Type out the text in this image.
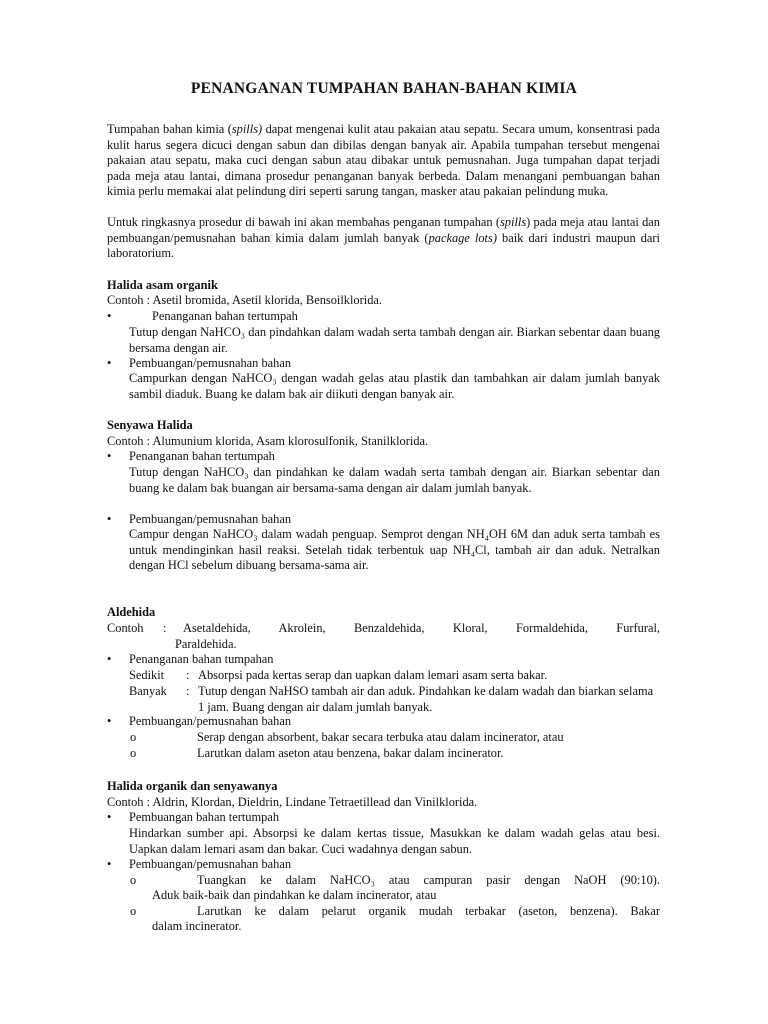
PENANGANAN TUMPAHAN BAHAN-BAHAN KIMIA

Tumpahan bahan kimia (spills) dapat mengenai kulit atau pakaian atau sepatu. Secara umum, konsentrasi pada kulit harus segera dicuci dengan sabun dan dibilas dengan banyak air. Apabila tumpahan tersebut mengenai pakaian atau sepatu, maka cuci dengan sabun atau dibakar untuk pemusnahan. Juga tumpahan dapat terjadi pada meja atau lantai, dimana prosedur penanganan banyak berbeda. Dalam menangani pembuangan bahan kimia perlu memakai alat pelindung diri seperti sarung tangan, masker atau pakaian pelindung muka.

Untuk ringkasnya prosedur di bawah ini akan membahas penganan tumpahan (spills) pada meja atau lantai dan pembuangan/pemusnahan bahan kimia dalam jumlah banyak (package lots) baik dari industri maupun dari laboratorium.

Halida asam organik

Contoh : Asetil bromida, Asetil klorida, Bensoilklorida.

•	Penanganan bahan tertumpah

Tutup dengan NaHCO₃ dan pindahkan dalam wadah serta tambah dengan air. Biarkan sebentar daan buang bersama dengan air.

• Pembuangan/pemusnahan bahan

Campurkan dengan NaHCO₃ dengan wadah gelas atau plastik dan tambahkan air dalam jumlah banyak sambil diaduk. Buang ke dalam bak air diikuti dengan banyak air.

Senyawa Halida

Contoh : Alumunium klorida, Asam klorosulfonik, Stanilklorida.

• Penanganan bahan tertumpah

Tutup dengan NaHCO₃ dan pindahkan ke dalam wadah serta tambah dengan air. Biarkan sebentar dan buang ke dalam bak buangan air bersama-sama dengan air dalam jumlah banyak.

• Pembuangan/pemusnahan bahan

Campur dengan NaHCO₃ dalam wadah penguap. Semprot dengan NH₄OH 6M dan aduk serta tambah es untuk mendinginkan hasil reaksi. Setelah tidak terbentuk uap NH₄Cl, tambah air dan aduk. Netralkan dengan HCl sebelum dibuang bersama-sama air.

Aldehida

Contoh	:	Asetaldehida, Akrolein, Benzaldehida, Kloral, Formaldehida, Furfural,

Paraldehida.

• Penanganan bahan tumpahan

Sedikit : Absorpsi pada kertas serap dan uapkan dalam lemari asam serta bakar.

Banyak : Tutup dengan NaHSO tambah air dan aduk. Pindahkan ke dalam wadah dan biarkan selama 1 jam. Buang dengan air dalam jumlah banyak.

• Pembuangan/pemusnahan bahan

o	Serap dengan absorbent, bakar secara terbuka atau dalam incinerator, atau

o	Larutkan dalam aseton atau benzena, bakar dalam incinerator.

Halida organik dan senyawanya

Contoh : Aldrin, Klordan, Dieldrin, Lindane Tetraetillead dan Vinilklorida.

• Pembuangan bahan tertumpah

Hindarkan sumber api. Absorpsi ke dalam kertas tissue, Masukkan ke dalam wadah gelas atau besi. Uapkan dalam lemari asam dan bakar. Cuci wadahnya dengan sabun.

• Pembuangan/pemusnahan bahan

o	Tuangkan ke dalam NaHCO₃ atau campuran pasir dengan NaOH (90:10).

Aduk baik-baik dan pindahkan ke dalam incinerator, atau

o	Larutkan ke dalam pelarut organik mudah terbakar (aseton, benzena). Bakar

dalam incinerator.
